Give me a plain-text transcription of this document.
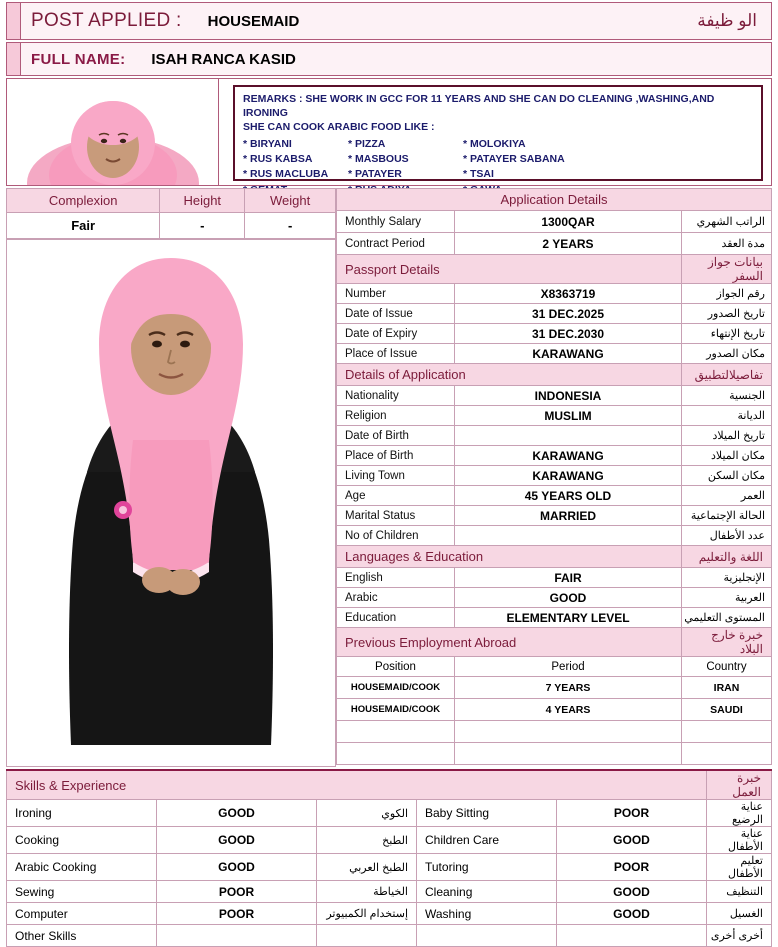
POST APPLIED :	HOUSEMAID	الو ظيفة
FULL NAME:	ISAH RANCA KASID
REMARKS : SHE WORK IN GCC FOR 11 YEARS AND SHE CAN DO CLEANING ,WASHING,AND IRONING
SHE CAN COOK ARABIC FOOD LIKE :
* BIRYANI	* PIZZA	* MOLOKIYA
* RUS KABSA	* MASBOUS	* PATAYER SABANA
* RUS MACLUBA	* PATAYER	* TSAI
Complexion	Height	Weight
Fair	-	-
Application Details		
Monthly Salary	1300QAR	الراتب الشهري
Contract Period	2 YEARS	مدة العقد
Passport Details		بيانات جواز السفر
Number	X8363719	رقم الجواز
Date of Issue	31 DEC.2025	تاريخ الصدور
Date of Expiry	31 DEC.2030	تاريخ الإنتهاء
Place of Issue	KARAWANG	مكان الصدور
Details of Application		تفاصيلالتطبيق
Nationality	INDONESIA	الجنسية
Religion	MUSLIM	الديانة
Date of Birth		تاريخ الميلاد
Place of Birth	KARAWANG	مكان الميلاد
Living Town	KARAWANG	مكان السكن
Age	45 YEARS OLD	العمر
Marital Status	MARRIED	الحالة الإجتماعية
No of Children		عدد الأطفال
Languages & Education		اللغة والتعليم
English	FAIR	الإنجليزية
Arabic	GOOD	العربية
Education	ELEMENTARY LEVEL	المستوى التعليمي
Previous Employment Abroad		خبرة خارج البلاد
Position	Period	Country
HOUSEMAID/COOK	7 YEARS	IRAN
HOUSEMAID/COOK	4 YEARS	SAUDI

Skills & Experience					خبرة العمل
Ironing	GOOD	الكوي	Baby Sitting	POOR	عناية الرضيع
Cooking	GOOD	الطبخ	Children Care	GOOD	عناية الأطفال
Arabic Cooking	GOOD	الطبخ العربي	Tutoring	POOR	تعليم الأطفال
Sewing	POOR	الخياطة	Cleaning	GOOD	التنظيف
Computer	POOR	إستخدام الكمبيوتر	Washing	GOOD	الغسيل
Other Skills					أخرى أخرى
